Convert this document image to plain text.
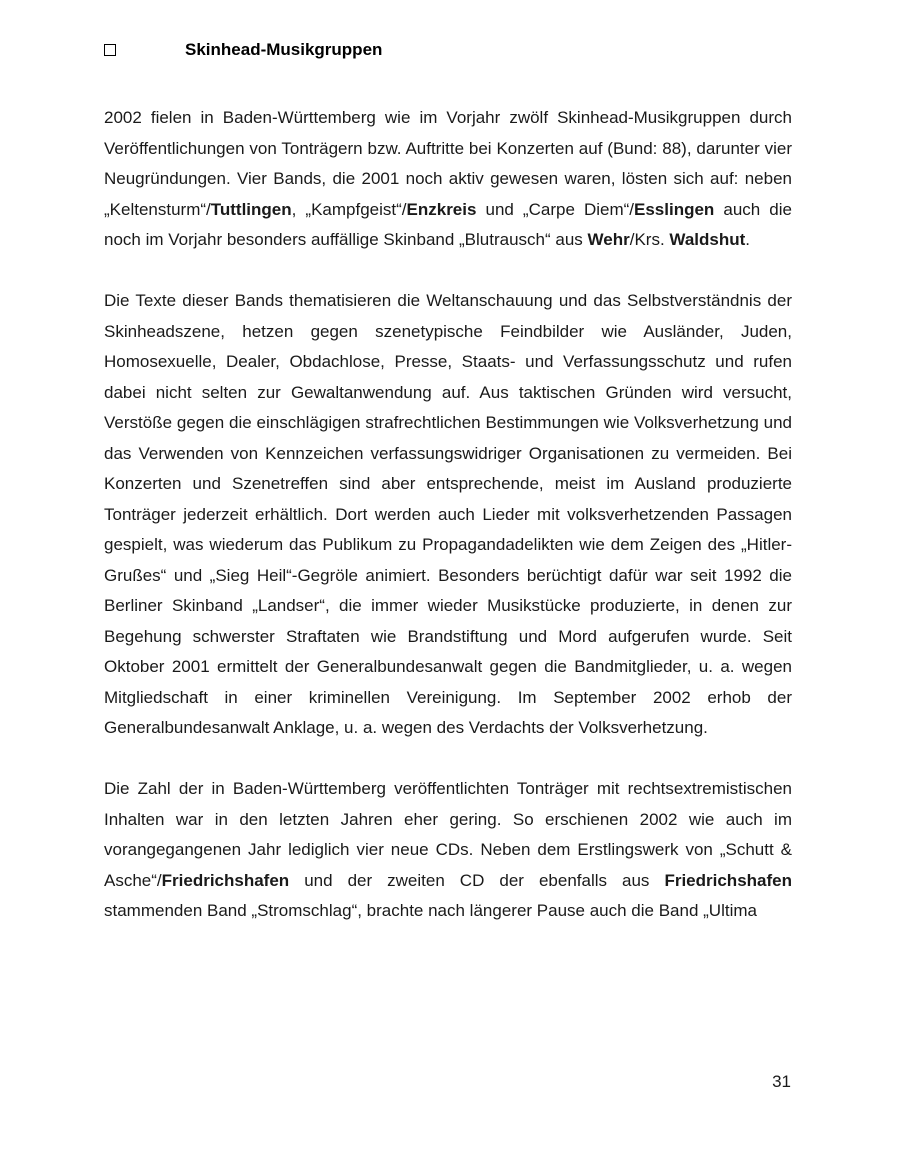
Skinhead-Musikgruppen

2002 fielen in Baden-Württemberg wie im Vorjahr zwölf Skinhead-Musikgruppen durch Veröffentlichungen von Tonträgern bzw. Auftritte bei Konzerten auf (Bund: 88), darunter vier Neugründungen. Vier Bands, die 2001 noch aktiv gewesen waren, lösten sich auf: neben „Keltensturm“/Tuttlingen, „Kampfgeist“/Enzkreis und „Carpe Diem“/Esslingen auch die noch im Vorjahr besonders auffällige Skinband „Blutrausch“ aus Wehr/Krs. Waldshut.

Die Texte dieser Bands thematisieren die Weltanschauung und das Selbstverständnis der Skinheadszene, hetzen gegen szenetypische Feindbilder wie Ausländer, Juden, Homosexuelle, Dealer, Obdachlose, Presse, Staats- und Verfassungsschutz und rufen dabei nicht selten zur Gewaltanwendung auf. Aus taktischen Gründen wird versucht, Verstöße gegen die einschlägigen strafrechtlichen Bestimmungen wie Volksverhetzung und das Verwenden von Kennzeichen verfassungswidriger Organisationen zu vermeiden. Bei Konzerten und Szenetreffen sind aber entsprechende, meist im Ausland produzierte Tonträger jederzeit erhältlich. Dort werden auch Lieder mit volksverhetzenden Passagen gespielt, was wiederum das Publikum zu Propagandadelikten wie dem Zeigen des „Hitler-Grußes“ und „Sieg Heil“-Gegröle animiert. Besonders berüchtigt dafür war seit 1992 die Berliner Skinband „Landser“, die immer wieder Musikstücke produzierte, in denen zur Begehung schwerster Straftaten wie Brandstiftung und Mord aufgerufen wurde. Seit Oktober 2001 ermittelt der Generalbundesanwalt gegen die Bandmitglieder, u. a. wegen Mitgliedschaft in einer kriminellen Vereinigung. Im September 2002 erhob der Generalbundesanwalt Anklage, u. a. wegen des Verdachts der Volksverhetzung.

Die Zahl der in Baden-Württemberg veröffentlichten Tonträger mit rechtsextremistischen Inhalten war in den letzten Jahren eher gering. So erschienen 2002 wie auch im vorangegangenen Jahr lediglich vier neue CDs. Neben dem Erstlingswerk von „Schutt & Asche“/Friedrichshafen und der zweiten CD der ebenfalls aus Friedrichshafen stammenden Band „Stromschlag“, brachte nach längerer Pause auch die Band „Ultima

31
